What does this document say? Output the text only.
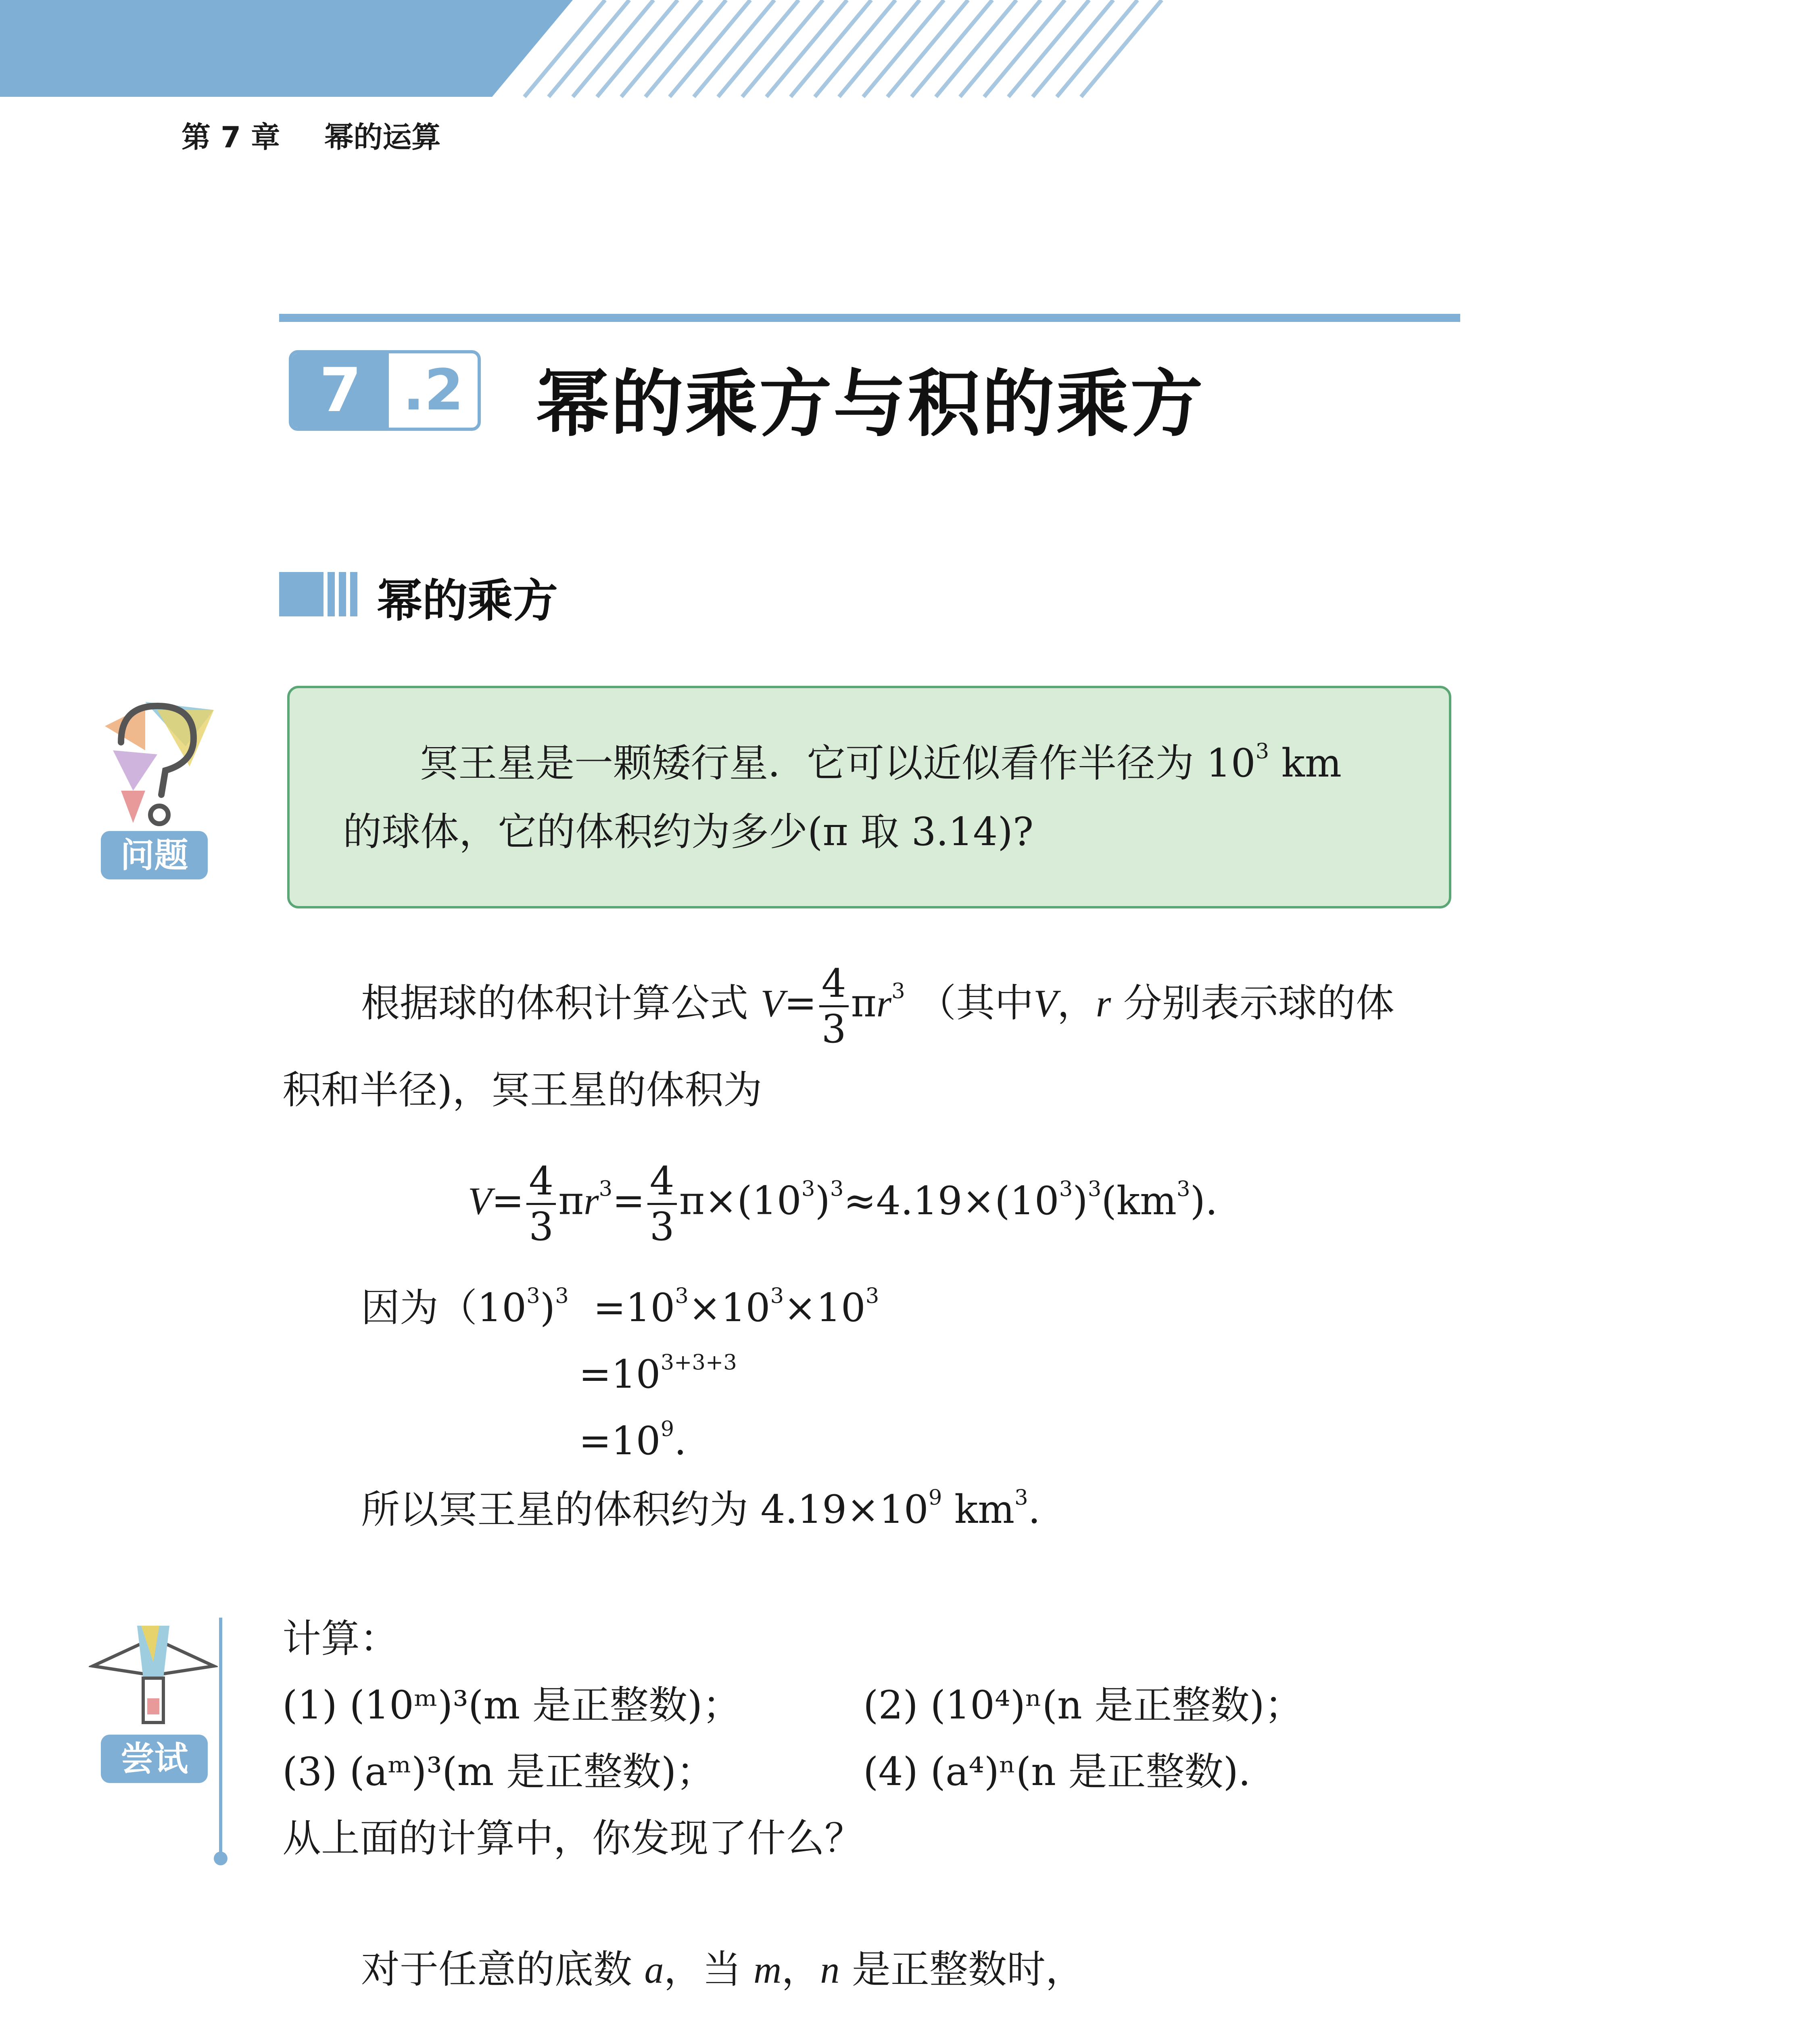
第 7 章 幂的运算
7 .2 幂的乘方与积的乘方
幂的乘方
问题
冥王星是一颗矮行星．它可以近似看作半径为 $10^3$ km
的球体，它的体积约为多少(π 取 3.14)?
根据球的体积计算公式 $V= \frac{4}{3} \pi r^3$ （其中V，r 分别表示球的体
积和半径)，冥王星的体积为
$V= \frac{4}{3} \pi r^3= \frac{4}{3} \pi\times(10^3)^3\approx 4.19\times(10^3)^3(km^3)$.
因为$(10^3)^3 =10^3\times 10^3\times 10^3$
$=10^{3+3+3}$
$=10^9$.
所以冥王星的体积约为 $4.19\times 10^9$ $km^3$.
尝试
计算：
(1) (10ᵐ)³(m 是正整数)；	(2) (10⁴)ⁿ(n 是正整数)；
(3) (aᵐ)³(m 是正整数)；	(4) (a⁴)ⁿ(n 是正整数).
从上面的计算中，你发现了什么？
对于任意的底数 a，当 m，n 是正整数时，
